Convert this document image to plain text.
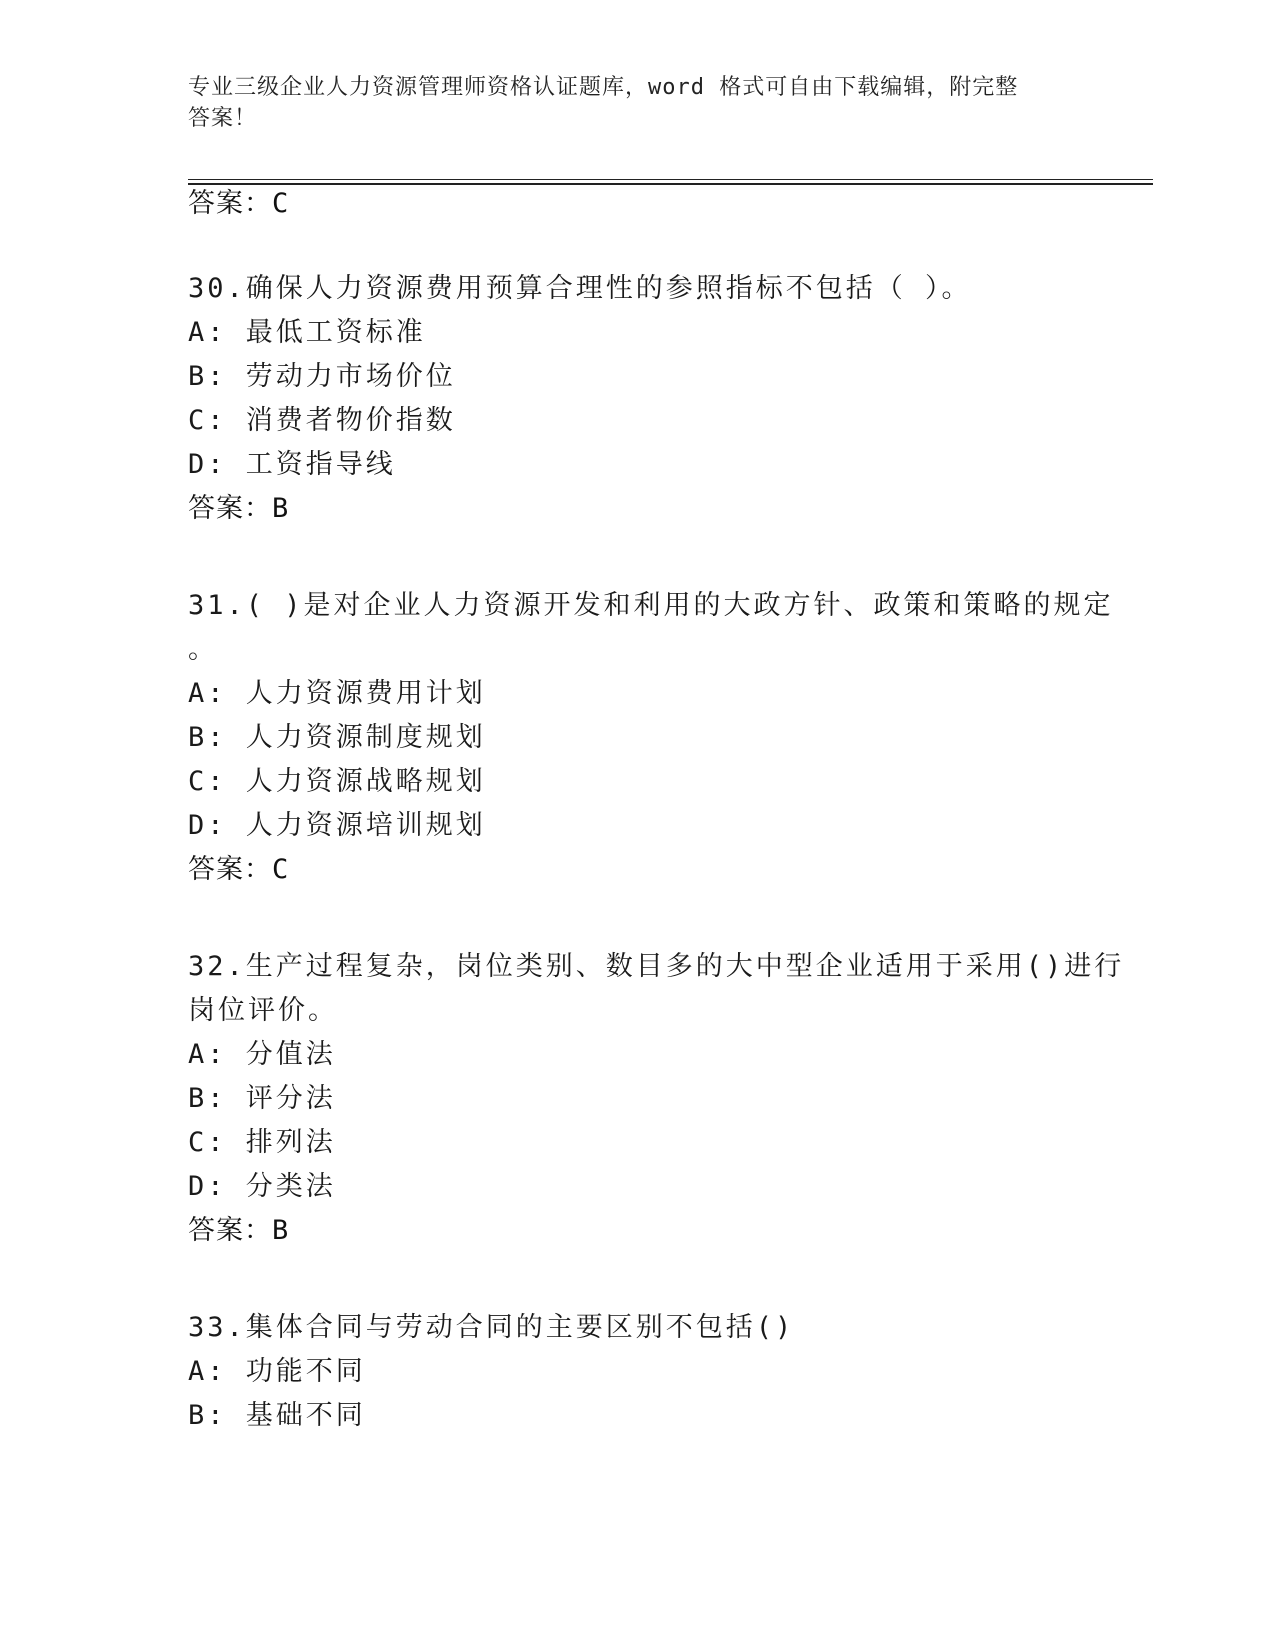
专业三级企业人力资源管理师资格认证题库，word 格式可自由下载编辑，附完整
答案！
答案：C
30.确保人力资源费用预算合理性的参照指标不包括（ ）。
A: 最低工资标准
B: 劳动力市场价位
C: 消费者物价指数
D: 工资指导线
答案：B
31.( )是对企业人力资源开发和利用的大政方针、政策和策略的规定
。
A: 人力资源费用计划
B: 人力资源制度规划
C: 人力资源战略规划
D: 人力资源培训规划
答案：C
32.生产过程复杂，岗位类别、数目多的大中型企业适用于采用()进行
岗位评价。
A: 分值法
B: 评分法
C: 排列法
D: 分类法
答案：B
33.集体合同与劳动合同的主要区别不包括()
A: 功能不同
B: 基础不同
